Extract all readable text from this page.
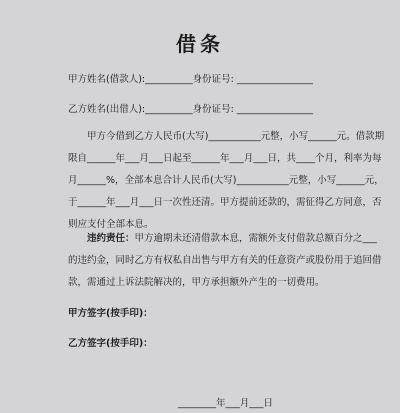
借条
甲方姓名(借款人):__________身份证号: ________________
乙方姓名(出借人):__________身份证号: ________________
甲方今借到乙方人民币(大写)___________元整，小写______元。借款期限自______年___月___日起至______年___月___日，共____个月，利率为每月______%，全部本息合计人民币(大写)___________元整，小写______元，于______年___月___日一次性还清。甲方提前还款的，需征得乙方同意，否则应支付全部本息。
违约责任：甲方逾期未还清借款本息，需额外支付借款总额百分之___的违约金，同时乙方有权私自出售与甲方有关的任意资产或股份用于追回借款，需通过上诉法院解决的，甲方承担额外产生的一切费用。
甲方签字(按手印)：
乙方签字(按手印)：
________年___月___日
